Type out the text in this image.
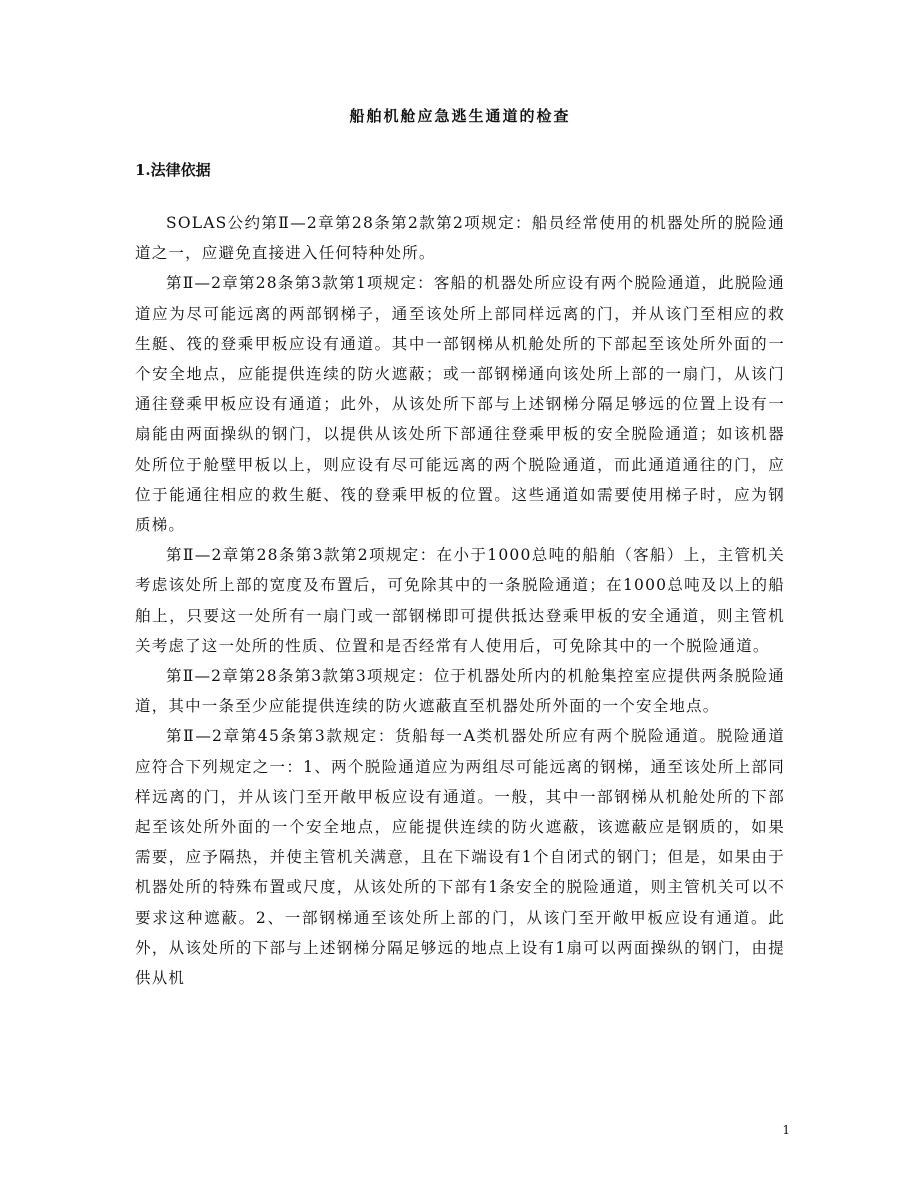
船舶机舱应急逃生通道的检查
1.法律依据

SOLAS公约第Ⅱ—2章第28条第2款第2项规定：船员经常使用的机器处所的脱险通道之一，应避免直接进入任何特种处所。

第Ⅱ—2章第28条第3款第1项规定：客船的机器处所应设有两个脱险通道，此脱险通道应为尽可能远离的两部钢梯子，通至该处所上部同样远离的门，并从该门至相应的救生艇、筏的登乘甲板应设有通道。其中一部钢梯从机舱处所的下部起至该处所外面的一个安全地点，应能提供连续的防火遮蔽；或一部钢梯通向该处所上部的一扇门，从该门通往登乘甲板应设有通道；此外，从该处所下部与上述钢梯分隔足够远的位置上设有一扇能由两面操纵的钢门，以提供从该处所下部通往登乘甲板的安全脱险通道；如该机器处所位于舱壁甲板以上，则应设有尽可能远离的两个脱险通道，而此通道通往的门，应位于能通往相应的救生艇、筏的登乘甲板的位置。这些通道如需要使用梯子时，应为钢质梯。

第Ⅱ—2章第28条第3款第2项规定：在小于1000总吨的船舶（客船）上，主管机关考虑该处所上部的宽度及布置后，可免除其中的一条脱险通道；在1000总吨及以上的船舶上，只要这一处所有一扇门或一部钢梯即可提供抵达登乘甲板的安全通道，则主管机关考虑了这一处所的性质、位置和是否经常有人使用后，可免除其中的一个脱险通道。

第Ⅱ—2章第28条第3款第3项规定：位于机器处所内的机舱集控室应提供两条脱险通道，其中一条至少应能提供连续的防火遮蔽直至机器处所外面的一个安全地点。

第Ⅱ—2章第45条第3款规定：货船每一A类机器处所应有两个脱险通道。脱险通道应符合下列规定之一：1、两个脱险通道应为两组尽可能远离的钢梯，通至该处所上部同样远离的门，并从该门至开敞甲板应设有通道。一般，其中一部钢梯从机舱处所的下部起至该处所外面的一个安全地点，应能提供连续的防火遮蔽，该遮蔽应是钢质的，如果需要，应予隔热，并使主管机关满意，且在下端设有1个自闭式的钢门；但是，如果由于机器处所的特殊布置或尺度，从该处所的下部有1条安全的脱险通道，则主管机关可以不要求这种遮蔽。2、一部钢梯通至该处所上部的门，从该门至开敞甲板应设有通道。此外，从该处所的下部与上述钢梯分隔足够远的地点上设有1扇可以两面操纵的钢门，由提供从机

1
